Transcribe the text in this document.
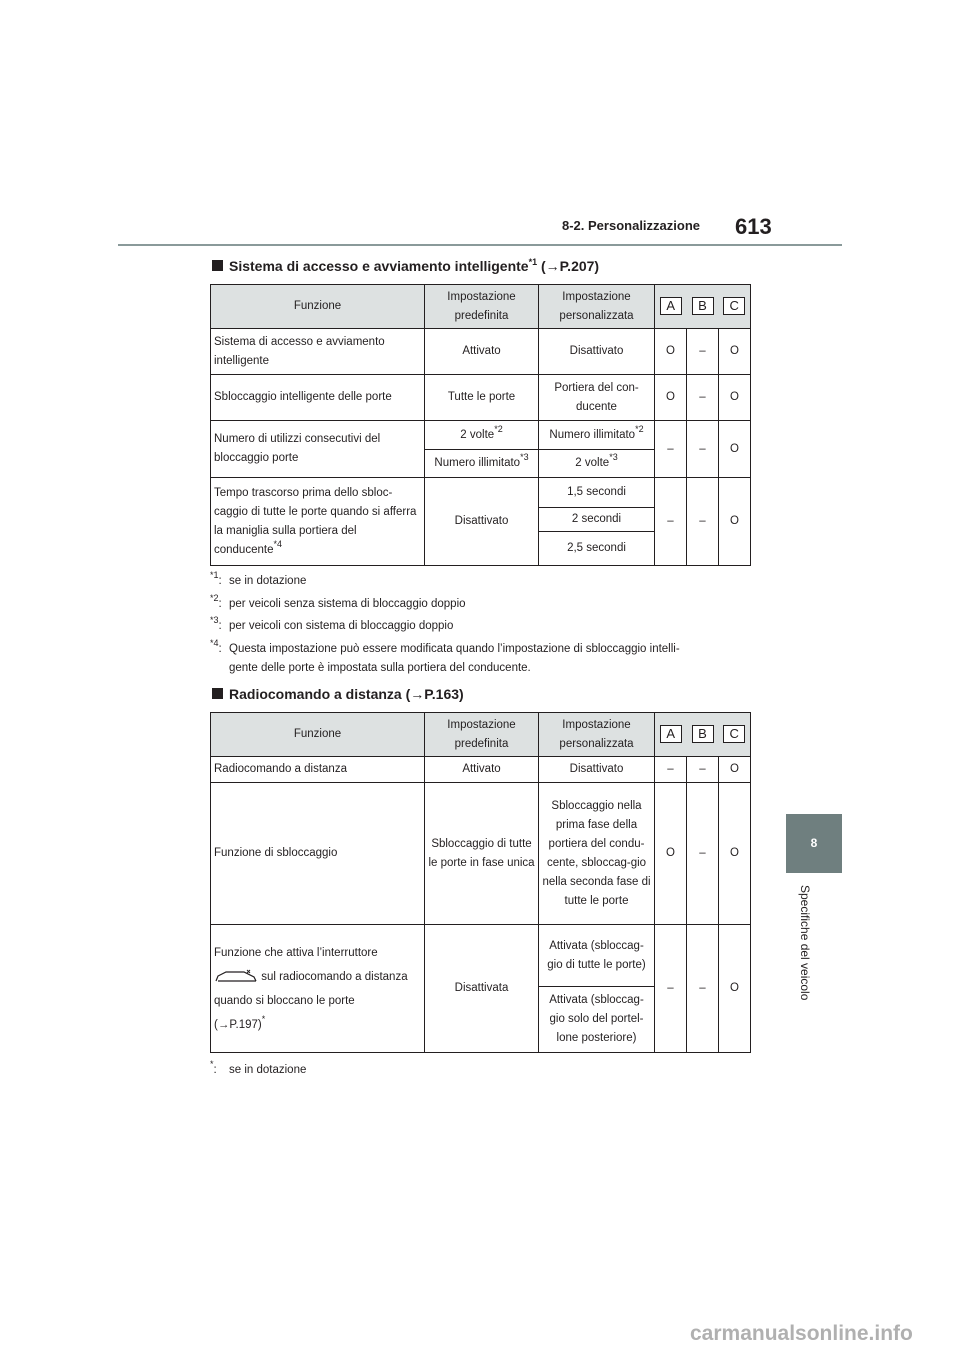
8-2. Personalizzazione 613
8
Specifiche del veicolo
Sistema di accesso e avviamento intelligente$^{*1}$ (→P.207)
Funzione	Impostazione predefinita	Impostazione personalizzata	A	B	C
Sistema di accesso e avviamento intelligente	Attivato	Disattivato	O	–	O
Sbloccaggio intelligente delle porte	Tutte le porte	Portiera del con-ducente	O	–	O
Numero di utilizzi consecutivi del bloccaggio porte	2 volte$^{*2}$	Numero illimitato$^{*2}$	–	–	O
	Numero illimitato$^{*3}$	2 volte$^{*3}$
Tempo trascorso prima dello sbloc-caggio di tutte le porte quando si afferra la maniglia sulla portiera del conducente$^{*4}$	Disattivato	1,5 secondi	–	–	O
		2 secondi			
		2,5 secondi			
$^{*1}$: se in dotazione
$^{*2}$: per veicoli senza sistema di bloccaggio doppio
$^{*3}$: per veicoli con sistema di bloccaggio doppio
$^{*4}$: Questa impostazione può essere modificata quando l’impostazione di sbloccaggio intelli-
gente delle porte è impostata sulla portiera del conducente.
Radiocomando a distanza (→P.163)
Funzione	Impostazione predefinita	Impostazione personalizzata	A	B	C
Radiocomando a distanza	Attivato	Disattivato	–	–	O
Funzione di sbloccaggio	Sbloccaggio di tutte le porte in fase unica	Sbloccaggio nella prima fase della portiera del condu-cente, sbloccag-gio nella seconda fase di tutte le porte	O	–	O
Funzione che attiva l’interruttore
sul radiocomando a distanza quando si bloccano le porte
(→P.197)*	Disattivata	Attivata (sbloccag-gio di tutte le porte)	–	–	O
		Attivata (sbloccag-gio solo del portel-lone posteriore)			
*: se in dotazione
carmanualsonline.info
